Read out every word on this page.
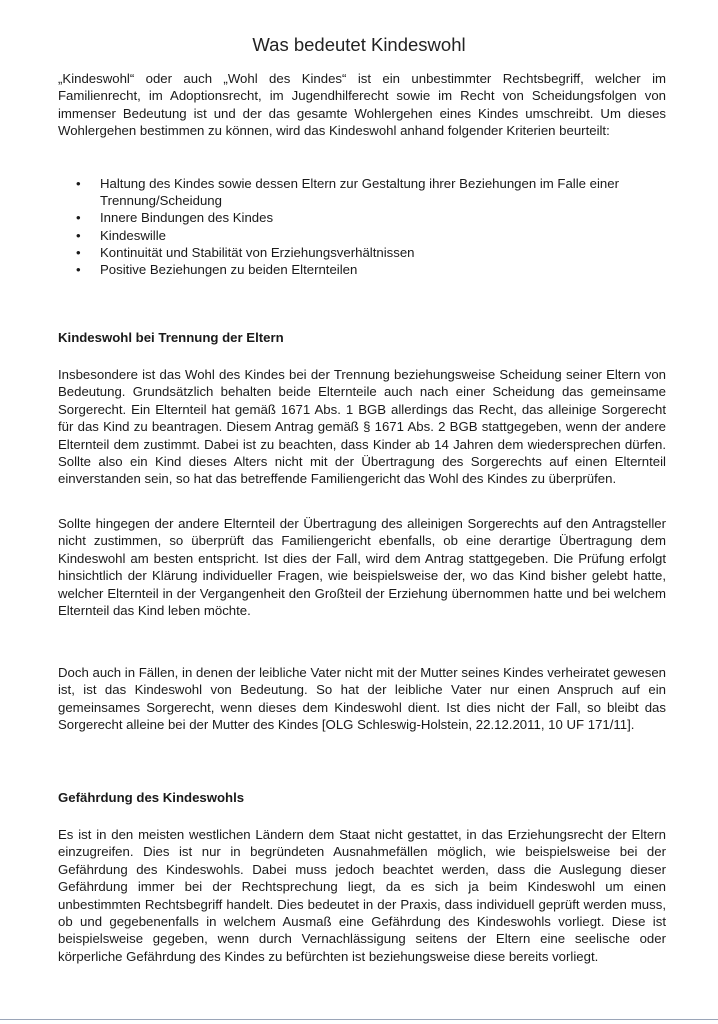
Was bedeutet Kindeswohl

„Kindeswohl“ oder auch „Wohl des Kindes“ ist ein unbestimmter Rechtsbegriff, welcher im Familienrecht, im Adoptionsrecht, im Jugendhilferecht sowie im Recht von Scheidungsfolgen von immenser Bedeutung ist und der das gesamte Wohlergehen eines Kindes umschreibt. Um dieses Wohlergehen bestimmen zu können, wird das Kindeswohl anhand folgender Kriterien beurteilt:

• Haltung des Kindes sowie dessen Eltern zur Gestaltung ihrer Beziehungen im Falle einer Trennung/Scheidung
• Innere Bindungen des Kindes
• Kindeswille
• Kontinuität und Stabilität von Erziehungsverhältnissen
• Positive Beziehungen zu beiden Elternteilen
Kindeswohl bei Trennung der Eltern

Insbesondere ist das Wohl des Kindes bei der Trennung beziehungsweise Scheidung seiner Eltern von Bedeutung. Grundsätzlich behalten beide Elternteile auch nach einer Scheidung das gemeinsame Sorgerecht. Ein Elternteil hat gemäß 1671 Abs. 1 BGB allerdings das Recht, das alleinige Sorgerecht für das Kind zu beantragen. Diesem Antrag gemäß § 1671 Abs. 2 BGB stattgegeben, wenn der andere Elternteil dem zustimmt. Dabei ist zu beachten, dass Kinder ab 14 Jahren dem wiedersprechen dürfen. Sollte also ein Kind dieses Alters nicht mit der Übertragung des Sorgerechts auf einen Elternteil einverstanden sein, so hat das betreffende Familiengericht das Wohl des Kindes zu überprüfen.

Sollte hingegen der andere Elternteil der Übertragung des alleinigen Sorgerechts auf den Antragsteller nicht zustimmen, so überprüft das Familiengericht ebenfalls, ob eine derartige Übertragung dem Kindeswohl am besten entspricht. Ist dies der Fall, wird dem Antrag stattgegeben. Die Prüfung erfolgt hinsichtlich der Klärung individueller Fragen, wie beispielsweise der, wo das Kind bisher gelebt hatte, welcher Elternteil in der Vergangenheit den Großteil der Erziehung übernommen hatte und bei welchem Elternteil das Kind leben möchte.

Doch auch in Fällen, in denen der leibliche Vater nicht mit der Mutter seines Kindes verheiratet gewesen ist, ist das Kindeswohl von Bedeutung. So hat der leibliche Vater nur einen Anspruch auf ein gemeinsames Sorgerecht, wenn dieses dem Kindeswohl dient. Ist dies nicht der Fall, so bleibt das Sorgerecht alleine bei der Mutter des Kindes [OLG Schleswig-Holstein, 22.12.2011, 10 UF 171/11].

Gefährdung des Kindeswohls

Es ist in den meisten westlichen Ländern dem Staat nicht gestattet, in das Erziehungsrecht der Eltern einzugreifen. Dies ist nur in begründeten Ausnahmefällen möglich, wie beispielsweise bei der Gefährdung des Kindeswohls. Dabei muss jedoch beachtet werden, dass die Auslegung dieser Gefährdung immer bei der Rechtsprechung liegt, da es sich ja beim Kindeswohl um einen unbestimmten Rechtsbegriff handelt. Dies bedeutet in der Praxis, dass individuell geprüft werden muss, ob und gegebenenfalls in welchem Ausmaß eine Gefährdung des Kindeswohls vorliegt. Diese ist beispielsweise gegeben, wenn durch Vernachlässigung seitens der Eltern eine seelische oder körperliche Gefährdung des Kindes zu befürchten ist beziehungsweise diese bereits vorliegt.
